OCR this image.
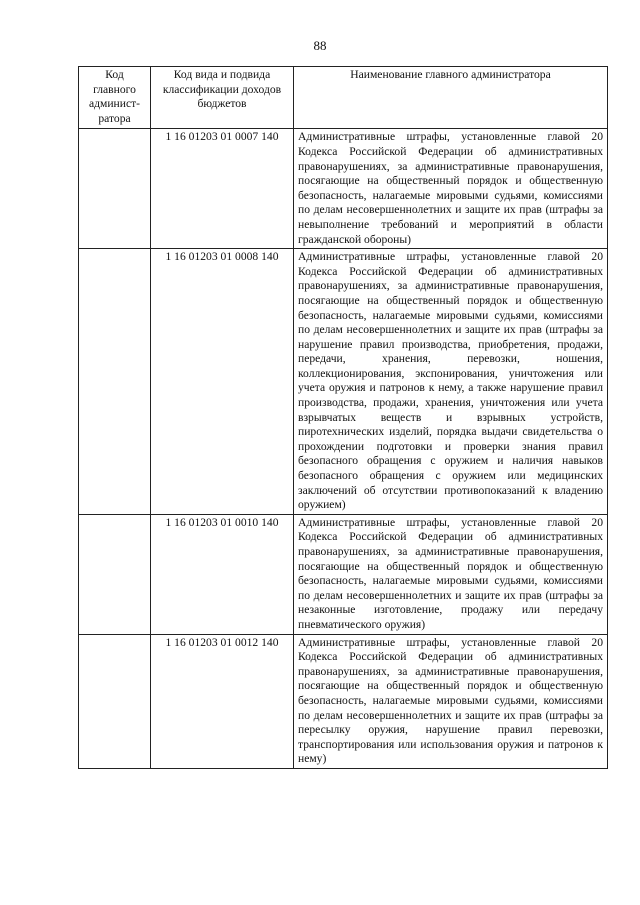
88
Код главного админист-ратора	Код вида и подвида классификации доходов бюджетов	Наименование главного администратора
	1 16 01203 01 0007 140	Административные штрафы, установленные главой 20 Кодекса Российской Федерации об административных правонарушениях, за административные правонарушения, посягающие на общественный порядок и общественную безопасность, налагаемые мировыми судьями, комиссиями по делам несовершеннолетних и защите их прав (штрафы за невыполнение требований и мероприятий в области гражданской обороны)
	1 16 01203 01 0008 140	Административные штрафы, установленные главой 20 Кодекса Российской Федерации об административных правонарушениях, за административные правонарушения, посягающие на общественный порядок и общественную безопасность, налагаемые мировыми судьями, комиссиями по делам несовершеннолетних и защите их прав (штрафы за нарушение правил производства, приобретения, продажи, передачи, хранения, перевозки, ношения, коллекционирования, экспонирования, уничтожения или учета оружия и патронов к нему, а также нарушение правил производства, продажи, хранения, уничтожения или учета взрывчатых веществ и взрывных устройств, пиротехнических изделий, порядка выдачи свидетельства о прохождении подготовки и проверки знания правил безопасного обращения с оружием и наличия навыков безопасного обращения с оружием или медицинских заключений об отсутствии противопоказаний к владению оружием)
	1 16 01203 01 0010 140	Административные штрафы, установленные главой 20 Кодекса Российской Федерации об административных правонарушениях, за административные правонарушения, посягающие на общественный порядок и общественную безопасность, налагаемые мировыми судьями, комиссиями по делам несовершеннолетних и защите их прав (штрафы за незаконные изготовление, продажу или передачу пневматического оружия)
	1 16 01203 01 0012 140	Административные штрафы, установленные главой 20 Кодекса Российской Федерации об административных правонарушениях, за административные правонарушения, посягающие на общественный порядок и общественную безопасность, налагаемые мировыми судьями, комиссиями по делам несовершеннолетних и защите их прав (штрафы за пересылку оружия, нарушение правил перевозки, транспортирования или использования оружия и патронов к нему)
